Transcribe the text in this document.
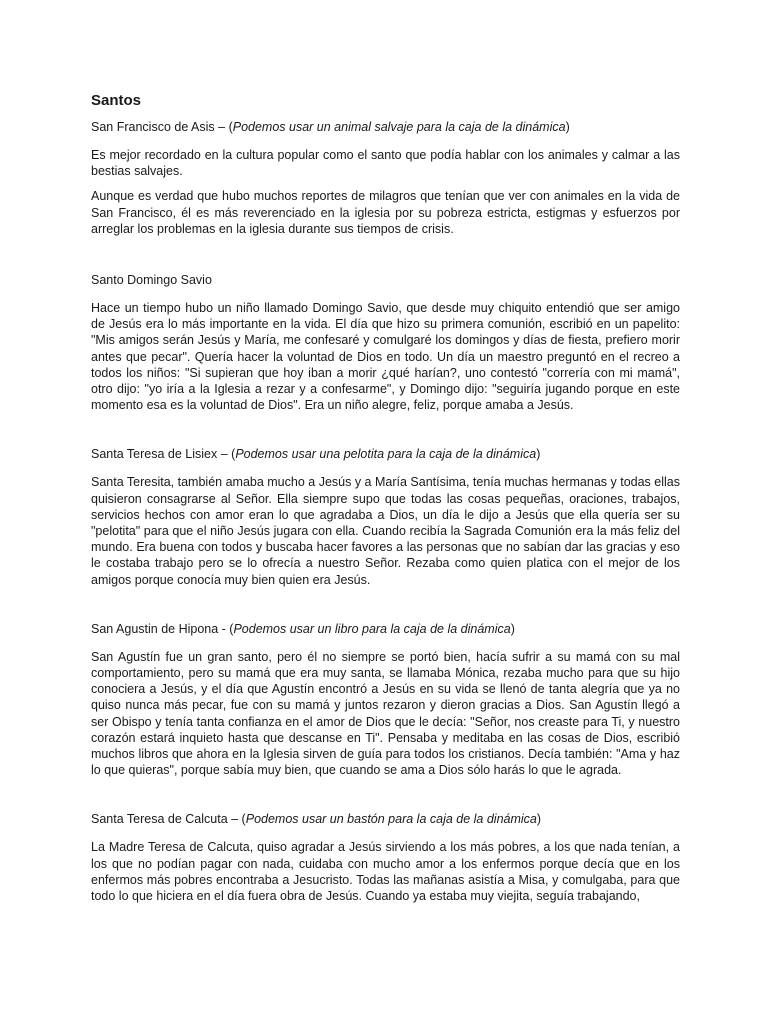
Santos
San Francisco de Asis – (Podemos usar un animal salvaje para la caja de la dinámica)

Es mejor recordado en la cultura popular como el santo que podía hablar con los animales y calmar a las bestias salvajes.

Aunque es verdad que hubo muchos reportes de milagros que tenían que ver con animales en la vida de San Francisco, él es más reverenciado en la iglesia por su pobreza estricta, estigmas y esfuerzos por arreglar los problemas en la iglesia durante sus tiempos de crisis.

Santo Domingo Savio

Hace un tiempo hubo un niño llamado Domingo Savio, que desde muy chiquito entendió que ser amigo de Jesús era lo más importante en la vida. El día que hizo su primera comunión, escribió en un papelito: "Mis amigos serán Jesús y María, me confesaré y comulgaré los domingos y días de fiesta, prefiero morir antes que pecar". Quería hacer la voluntad de Dios en todo. Un día un maestro preguntó en el recreo a todos los niños: "Si supieran que hoy iban a morir ¿qué harían?, uno contestó "correría con mi mamá", otro dijo: "yo iría a la Iglesia a rezar y a confesarme", y Domingo dijo: "seguiría jugando porque en este momento esa es la voluntad de Dios". Era un niño alegre, feliz, porque amaba a Jesús.

Santa Teresa de Lisiex – (Podemos usar una pelotita para la caja de la dinámica)

Santa Teresita, también amaba mucho a Jesús y a María Santísima, tenía muchas hermanas y todas ellas quisieron consagrarse al Señor. Ella siempre supo que todas las cosas pequeñas, oraciones, trabajos, servicios hechos con amor eran lo que agradaba a Dios, un día le dijo a Jesús que ella quería ser su "pelotita" para que el niño Jesús jugara con ella. Cuando recibía la Sagrada Comunión era la más feliz del mundo. Era buena con todos y buscaba hacer favores a las personas que no sabían dar las gracias y eso le costaba trabajo pero se lo ofrecía a nuestro Señor. Rezaba como quien platica con el mejor de los amigos porque conocía muy bien quien era Jesús.

San Agustin de Hipona - (Podemos usar un libro para la caja de la dinámica)

San Agustín fue un gran santo, pero él no siempre se portó bien, hacía sufrir a su mamá con su mal comportamiento, pero su mamá que era muy santa, se llamaba Mónica, rezaba mucho para que su hijo conociera a Jesús, y el día que Agustín encontró a Jesús en su vida se llenó de tanta alegría que ya no quiso nunca más pecar, fue con su mamá y juntos rezaron y dieron gracias a Dios. San Agustín llegó a ser Obispo y tenía tanta confianza en el amor de Dios que le decía: "Señor, nos creaste para Ti, y nuestro corazón estará inquieto hasta que descanse en Ti". Pensaba y meditaba en las cosas de Dios, escribió muchos libros que ahora en la Iglesia sirven de guía para todos los cristianos. Decía también: "Ama y haz lo que quieras", porque sabía muy bien, que cuando se ama a Dios sólo harás lo que le agrada.

Santa Teresa de Calcuta – (Podemos usar un bastón para la caja de la dinámica)

La Madre Teresa de Calcuta, quiso agradar a Jesús sirviendo a los más pobres, a los que nada tenían, a los que no podían pagar con nada, cuidaba con mucho amor a los enfermos porque decía que en los enfermos más pobres encontraba a Jesucristo. Todas las mañanas asistía a Misa, y comulgaba, para que todo lo que hiciera en el día fuera obra de Jesús. Cuando ya estaba muy viejita, seguía trabajando,
